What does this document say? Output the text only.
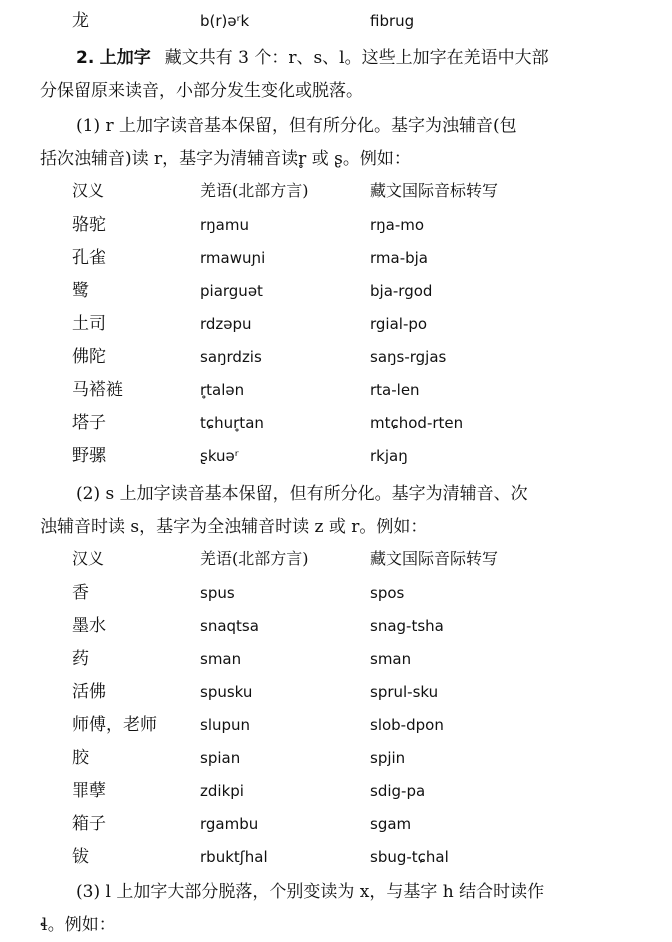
龙	b(r)əʳk	fibrug
2. 上加字 藏文共有 3 个：r、s、l。这些上加字在羌语中大部
分保留原来读音，小部分发生变化或脱落。
(1) r 上加字读音基本保留，但有所分化。基字为浊辅音(包
括次浊辅音)读 r，基字为清辅音读r̥ 或 ʂ。例如：
汉义	羌语(北部方言)	藏文国际音标转写
骆驼	rŋamu	rŋa-mo
孔雀	rmawuɲi	rma-bja
鹭	piarguət	bja-rgod
土司	rdzəpu	rgial-po
佛陀	saŋrdzis	saŋs-rgjas
马褡裢	r̥talən	rta-len
塔子	tɕhur̥tan	mtɕhod-rten
野骡	ʂkuəʳ	rkjaŋ
(2) s 上加字读音基本保留，但有所分化。基字为清辅音、次
浊辅音时读 s，基字为全浊辅音时读 z 或 r。例如：
汉义	羌语(北部方言)	藏文国际音际转写
香	spus	spos
墨水	snaqtsa	snag-tsha
药	sman	sman
活佛	spusku	sprul-sku
师傅，老师	slupun	slob-dpon
胶	spian	spjin
罪孽	zdikpi	sdig-pa
箱子	rgambu	sgam
钹	rbuktʃhal	sbug-tɕhal
(3) l 上加字大部分脱落，个别变读为 x，与基字 h 结合时读作
ɬ。例如：
